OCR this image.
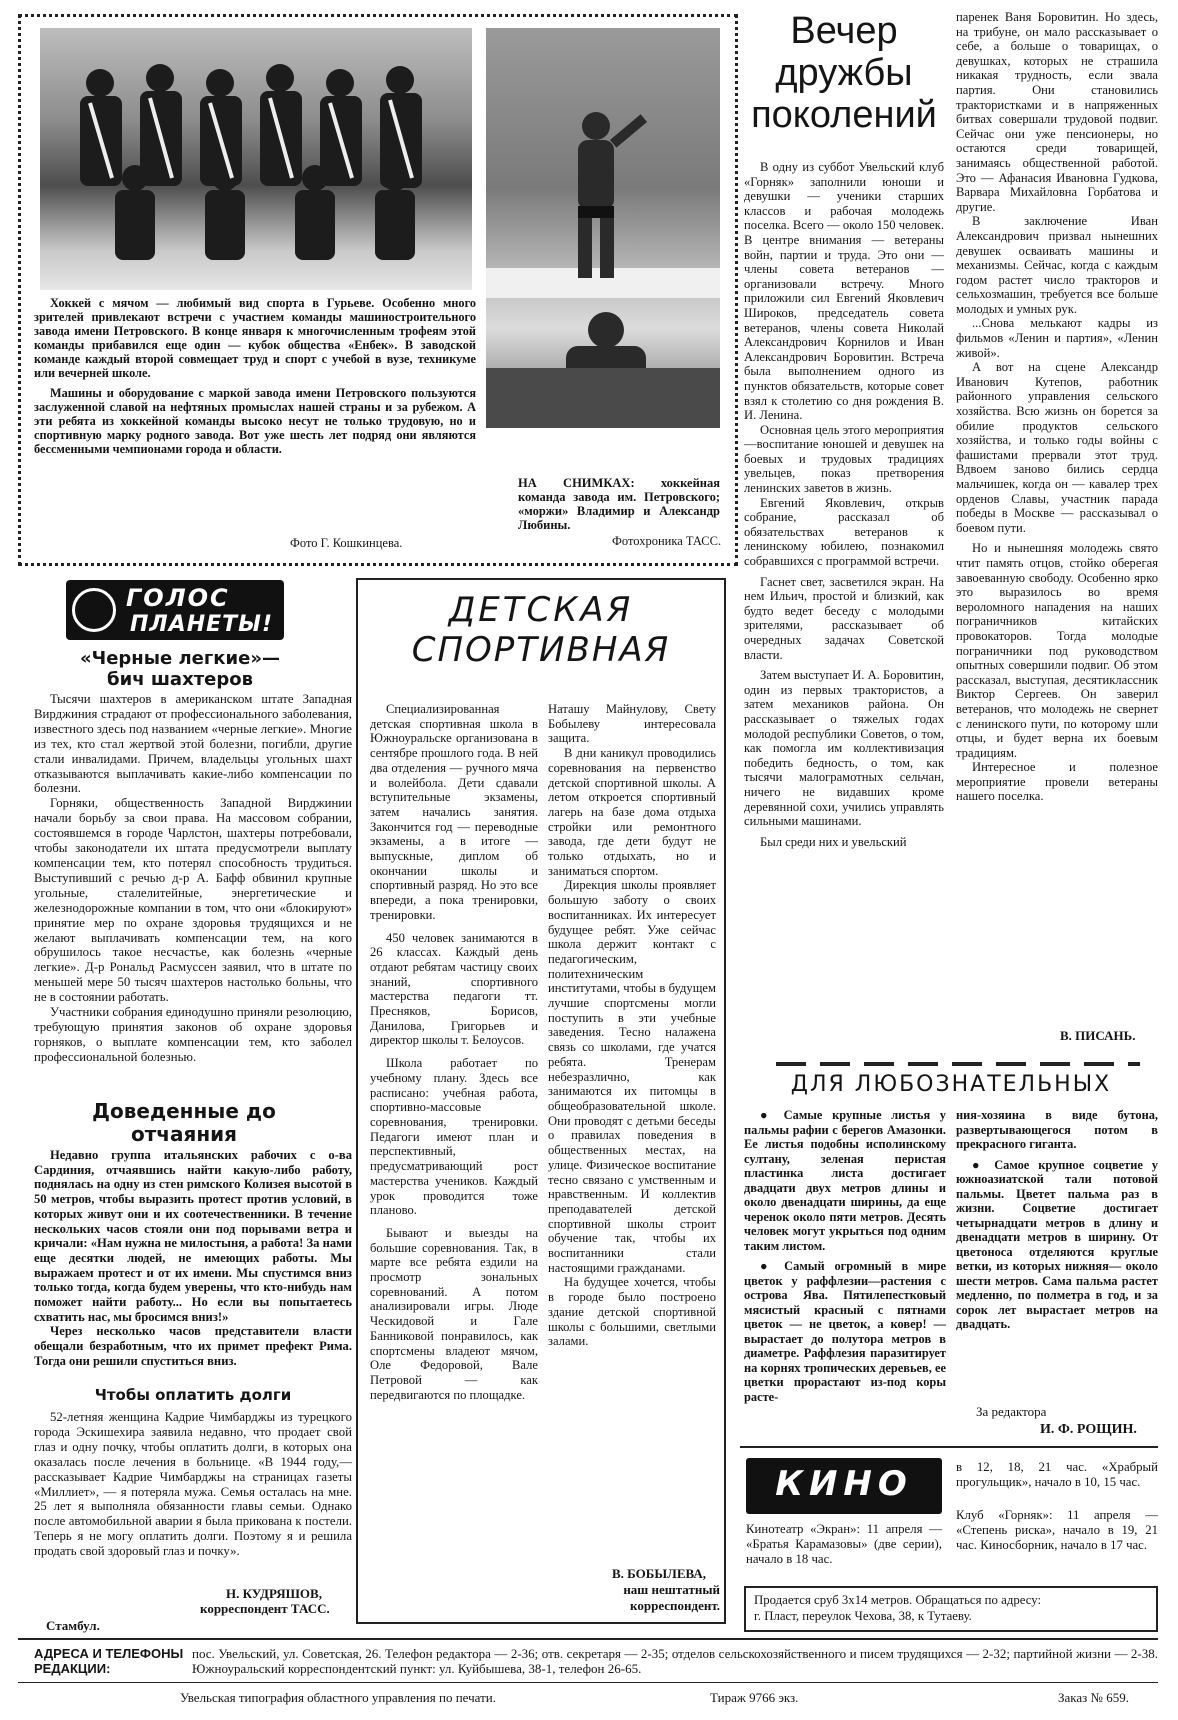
Хоккей с мячом — любимый вид спорта в Гурьеве. Особенно много зрителей привлекают встречи с участием команды машиностроительного завода имени Петровского. В конце января к многочисленным трофеям этой команды прибавился еще один — кубок общества «Енбек». В заводской команде каждый второй совмещает труд и спорт с учебой в вузе, техникуме или вечерней школе.

Машины и оборудование с маркой завода имени Петровского пользуются заслуженной славой на нефтяных промыслах нашей страны и за рубежом. А эти ребята из хоккейной команды высоко несут не только трудовую, но и спортивную марку родного завода. Вот уже шесть лет подряд они являются бессменными чемпионами города и области.

Фото Г. Кошкинцева.
НА СНИМКАХ: хоккейная команда завода им. Петровского; «моржи» Владимир и Александр Любины.
Фотохроника ТАСС.
Вечер дружбы поколений

В одну из суббот Увельский клуб «Горняк» заполнили юноши и девушки — ученики старших классов и рабочая молодежь поселка. Всего — около 150 человек. В центре внимания — ветераны войн, партии и труда. Это они — члены совета ветеранов — организовали встречу. Много приложили сил Евгений Яковлевич Широков, председатель совета ветеранов, члены совета Николай Александрович Корнилов и Иван Александрович Боровитин. Встреча была выполнением одного из пунктов обязательств, которые совет взял к столетию со дня рождения В. И. Ленина.

Основная цель этого мероприятия—воспитание юношей и девушек на боевых и трудовых традициях увельцев, показ претворения ленинских заветов в жизнь.

Евгений Яковлевич, открыв собрание, рассказал об обязательствах ветеранов к ленинскому юбилею, познакомил собравшихся с программой встречи.

Гаснет свет, засветился экран. На нем Ильич, простой и близкий, как будто ведет беседу с молодыми зрителями, рассказывает об очередных задачах Советской власти.

Затем выступает И. А. Боровитин, один из первых трактористов, а затем механиков района. Он рассказывает о тяжелых годах молодой республики Советов, о том, как помогла им коллективизация победить бедность, о том, как тысячи малограмотных сельчан, ничего не видавших кроме деревянной сохи, учились управлять сильными машинами.

Был среди них и увельский

паренек Ваня Боровитин. Но здесь, на трибуне, он мало рассказывает о себе, а больше о товарищах, о девушках, которых не страшила никакая трудность, если звала партия. Они становились трактористками и в напряженных битвах совершали трудовой подвиг. Сейчас они уже пенсионеры, но остаются среди товарищей, занимаясь общественной работой. Это — Афанасия Ивановна Гудкова, Варвара Михайловна Горбатова и другие.

В заключение Иван Александрович призвал нынешних девушек осваивать машины и механизмы. Сейчас, когда с каждым годом растет число тракторов и сельхозмашин, требуется все больше молодых и умных рук.

...Снова мелькают кадры из фильмов «Ленин и партия», «Ленин живой».

А вот на сцене Александр Иванович Кутепов, работник районного управления сельского хозяйства. Всю жизнь он борется за обилие продуктов сельского хозяйства, и только годы войны с фашистами прервали этот труд. Вдвоем заново бились сердца мальчишек, когда он — кавалер трех орденов Славы, участник парада победы в Москве — рассказывал о боевом пути.

Но и нынешняя молодежь свято чтит память отцов, стойко оберегая завоеванную свободу. Особенно ярко это выразилось во время вероломного нападения на наших пограничников китайских провокаторов. Тогда молодые пограничники под руководством опытных совершили подвиг. Об этом рассказал, выступая, десятиклассник Виктор Сергеев. Он заверил ветеранов, что молодежь не свернет с ленинского пути, по которому шли отцы, и будет верна их боевым традициям.

Интересное и полезное мероприятие провели ветераны нашего поселка.

В. ПИСАНЬ.
ГОЛОС
ПЛАНЕТЫ!
«Черные легкие»— бич шахтеров

Тысячи шахтеров в американском штате Западная Вирджиния страдают от профессионального заболевания, известного здесь под названием «черные легкие». Многие из тех, кто стал жертвой этой болезни, погибли, другие стали инвалидами. Причем, владельцы угольных шахт отказываются выплачивать какие-либо компенсации по болезни.

Горняки, общественность Западной Вирджинии начали борьбу за свои права. На массовом собрании, состоявшемся в городе Чарлстон, шахтеры потребовали, чтобы законодатели их штата предусмотрели выплату компенсации тем, кто потерял способность трудиться. Выступивший с речью д-р А. Бафф обвинил крупные угольные, сталелитейные, энергетические и железнодорожные компании в том, что они «блокируют» принятие мер по охране здоровья трудящихся и не желают выплачивать компенсации тем, на кого обрушилось такое несчастье, как болезнь «черные легкие». Д-р Рональд Расмуссен заявил, что в штате по меньшей мере 50 тысяч шахтеров настолько больны, что не в состоянии работать.

Участники собрания единодушно приняли резолюцию, требующую принятия законов об охране здоровья горняков, о выплате компенсации тем, кто заболел профессиональной болезнью.

Доведенные до отчаяния

Недавно группа итальянских рабочих с о-ва Сардиния, отчаявшись найти какую-либо работу, поднялась на одну из стен римского Колизея высотой в 50 метров, чтобы выразить протест против условий, в которых живут они и их соотечественники. В течение нескольких часов стояли они под порывами ветра и кричали: «Нам нужна не милостыня, а работа! За нами еще десятки людей, не имеющих работы. Мы выражаем протест и от их имени. Мы спустимся вниз только тогда, когда будем уверены, что кто-нибудь нам поможет найти работу... Но если вы попытаетесь схватить нас, мы бросимся вниз!»

Через несколько часов представители власти обещали безработным, что их примет префект Рима. Тогда они решили спуститься вниз.

Чтобы оплатить долги

52-летняя женщина Кадрие Чимбарджы из турецкого города Эскишехира заявила недавно, что продает свой глаз и одну почку, чтобы оплатить долги, в которых она оказалась после лечения в больнице. «В 1944 году,— рассказывает Кадрие Чимбарджы на страницах газеты «Миллиет», — я потеряла мужа. Семья осталась на мне. 25 лет я выполняла обязанности главы семьи. Однако после автомобильной аварии я была прикована к постели. Теперь я не могу оплатить долги. Поэтому я и решила продать свой здоровый глаз и почку».

Н. КУДРЯШОВ,
корреспондент ТАСС.
Стамбул.
ДЕТСКАЯ
СПОРТИВНАЯ

Специализированная детская спортивная школа в Южноуральске организована в сентябре прошлого года. В ней два отделения — ручного мяча и волейбола. Дети сдавали вступительные экзамены, затем начались занятия. Закончится год — переводные экзамены, а в итоге — выпускные, диплом об окончании школы и спортивный разряд. Но это все впереди, а пока тренировки, тренировки.

450 человек занимаются в 26 классах. Каждый день отдают ребятам частицу своих знаний, спортивного мастерства педагоги тт. Пресняков, Борисов, Данилова, Григорьев и директор школы т. Белоусов.

Школа работает по учебному плану. Здесь все расписано: учебная работа, спортивно-массовые соревнования, тренировки. Педагоги имеют план и перспективный, предусматривающий рост мастерства учеников. Каждый урок проводится тоже планово.

Бывают и выезды на большие соревнования. Так, в марте все ребята ездили на просмотр зональных соревнований. А потом анализировали игры. Люде Ческидовой и Гале Банниковой понравилось, как спортсмены владеют мячом, Оле Федоровой, Вале Петровой — как передвигаются по площадке.

Наташу Майнулову, Свету Бобылеву интересовала защита.

В дни каникул проводились соревнования на первенство детской спортивной школы. А летом откроется спортивный лагерь на базе дома отдыха стройки или ремонтного завода, где дети будут не только отдыхать, но и заниматься спортом.

Дирекция школы проявляет большую заботу о своих воспитанниках. Их интересует будущее ребят. Уже сейчас школа держит контакт с педагогическим, политехническим институтами, чтобы в будущем лучшие спортсмены могли поступить в эти учебные заведения. Тесно налажена связь со школами, где учатся ребята. Тренерам небезразлично, как занимаются их питомцы в общеобразовательной школе. Они проводят с детьми беседы о правилах поведения в общественных местах, на улице. Физическое воспитание тесно связано с умственным и нравственным. И коллектив преподавателей детской спортивной школы строит обучение так, чтобы их воспитанники стали настоящими гражданами.

На будущее хочется, чтобы в городе было построено здание детской спортивной школы с большими, светлыми залами.

В. БОБЫЛЕВА,
наш нештатный корреспондент.
ДЛЯ ЛЮБОЗНАТЕЛЬНЫХ

● Самые крупные листья у пальмы рафии с берегов Амазонки. Ее листья подобны исполинскому султану, зеленая перистая пластинка листа достигает двадцати двух метров длины и около двенадцати ширины, да еще черенок около пяти метров. Десять человек могут укрыться под одним таким листом.

● Самый огромный в мире цветок у раффлезии—растения с острова Ява. Пятилепестковый мясистый красный с пятнами цветок — не цветок, а ковер! — вырастает до полутора метров в диаметре. Раффлезия паразитирует на корнях тропических деревьев, ее цветки прорастают из-под коры расте-

ния-хозяина в виде бутона, развертывающегося потом в прекрасного гиганта.

● Самое крупное соцветие у южноазиатской тали потовой пальмы. Цветет пальма раз в жизни. Соцветие достигает четырнадцати метров в длину и двенадцати метров в ширину. От цветоноса отделяются круглые ветки, из которых нижняя— около шести метров. Сама пальма растет медленно, по полметра в год, и за сорок лет вырастает метров на двадцать.

За редактора
И. Ф. РОЩИН.
КИНО
Кинотеатр «Экран»: 11 апреля — «Братья Карамазовы» (две серии), начало в 18 час.
в 12, 18, 21 час. «Храбрый прогульщик», начало в 10, 15 час.
Клуб «Горняк»: 11 апреля — «Степень риска», начало в 19, 21 час. Киносборник, начало в 17 час.
Продается сруб 3х14 метров. Обращаться по адресу:
г. Пласт, переулок Чехова, 38, к Тутаеву.
АДРЕСА И ТЕЛЕФОНЫ РЕДАКЦИИ:
пос. Увельский, ул. Советская, 26. Телефон редактора — 2-36; отв. секретаря — 2-35; отделов сельскохозяйственного и писем трудящихся — 2-32; партийной жизни — 2-38. Южноуральский корреспондентский пункт: ул. Куйбышева, 38-1, телефон 26-65.
Увельская типография областного управления по печати.	Тираж 9766 экз.	Заказ № 659.
